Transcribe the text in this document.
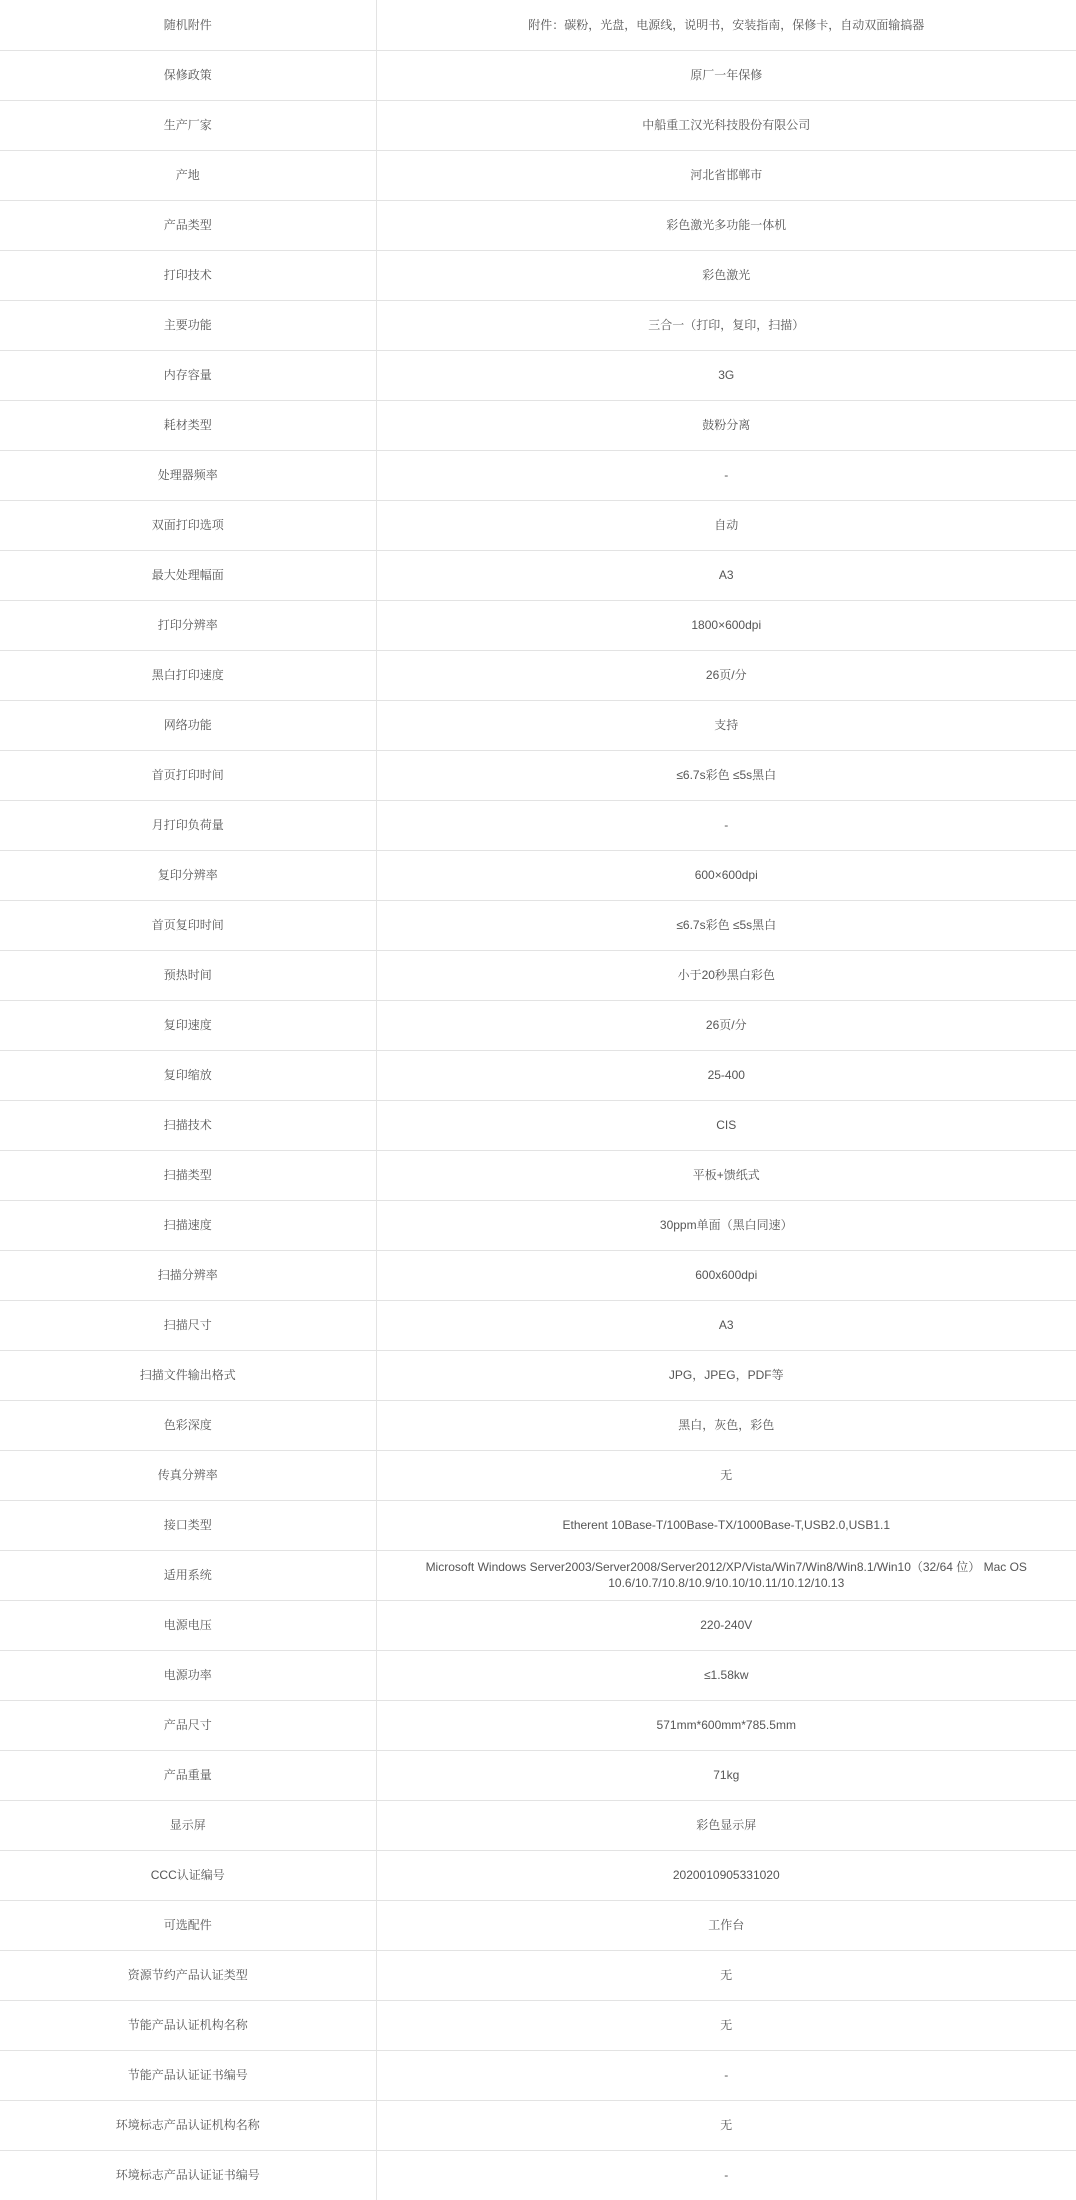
随机附件	附件：碳粉，光盘，电源线，说明书，安装指南，保修卡，自动双面输搞器
保修政策	原厂一年保修
生产厂家	中船重工汉光科技股份有限公司
产地	河北省邯郸市
产品类型	彩色激光多功能一体机
打印技术	彩色激光
主要功能	三合一（打印，复印，扫描）
内存容量	3G
耗材类型	鼓粉分离
处理器频率	-
双面打印选项	自动
最大处理幅面	A3
打印分辨率	1800×600dpi
黑白打印速度	26页/分
网络功能	支持
首页打印时间	≤6.7s彩色 ≤5s黑白
月打印负荷量	-
复印分辨率	600×600dpi
首页复印时间	≤6.7s彩色 ≤5s黑白
预热时间	小于20秒黑白彩色
复印速度	26页/分
复印缩放	25-400
扫描技术	CIS
扫描类型	平板+馈纸式
扫描速度	30ppm单面（黑白同速）
扫描分辨率	600x600dpi
扫描尺寸	A3
扫描文件输出格式	JPG，JPEG，PDF等
色彩深度	黑白，灰色，彩色
传真分辨率	无
接口类型	Etherent 10Base-T/100Base-TX/1000Base-T,USB2.0,USB1.1
适用系统	Microsoft Windows Server2003/Server2008/Server2012/XP/Vista/Win7/Win8/Win8.1/Win10（32/64 位） Mac OS 10.6/10.7/10.8/10.9/10.10/10.11/10.12/10.13
电源电压	220-240V
电源功率	≤1.58kw
产品尺寸	571mm*600mm*785.5mm
产品重量	71kg
显示屏	彩色显示屏
CCC认证编号	2020010905331020
可选配件	工作台
资源节约产品认证类型	无
节能产品认证机构名称	无
节能产品认证证书编号	-
环境标志产品认证机构名称	无
环境标志产品认证证书编号	-
